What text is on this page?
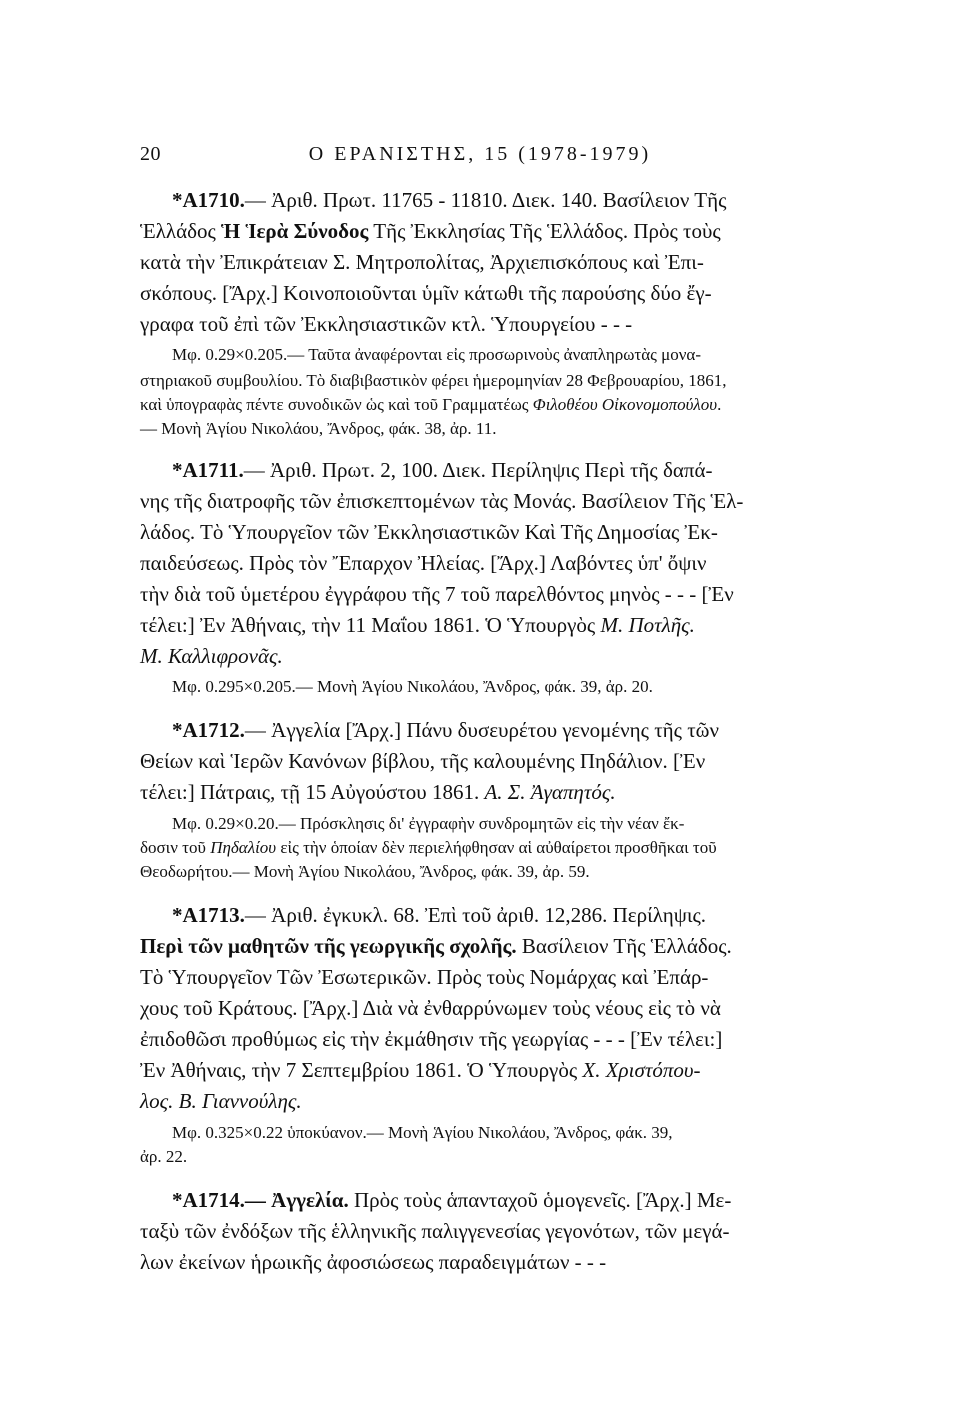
20	Ο ΕΡΑΝΙΣΤΗΣ, 15 (1978-1979)
*Α1710.— Ἀριθ. Πρωτ. 11765 - 11810. Διεκ. 140. Βασίλειον Τῆς
Ἑλλάδος Ἡ Ἱερὰ Σύνοδος Τῆς Ἐκκλησίας Τῆς Ἑλλάδος. Πρὸς τοὺς
κατὰ τὴν Ἐπικράτειαν Σ. Μητροπολίτας, Ἀρχιεπισκόπους καὶ Ἐπι-
σκόπους. [Ἄρχ.] Κοινοποιοῦνται ὑμῖν κάτωθι τῆς παρούσης δύο ἔγ-
γραφα τοῦ ἐπὶ τῶν Ἐκκλησιαστικῶν κτλ. Ὑπουργείου - - -
Μφ. 0.29×0.205.— Ταῦτα ἀναφέρονται εἰς προσωρινοὺς ἀναπληρωτὰς μονα-
στηριακοῦ συμβουλίου. Τὸ διαβιβαστικὸν φέρει ἡμερομηνίαν 28 Φεβρουαρίου, 1861,
καὶ ὑπογραφὰς πέντε συνοδικῶν ὡς καὶ τοῦ Γραμματέως Φιλοθέου Οἰκονομοπούλου.
— Μονὴ Ἁγίου Νικολάου, Ἄνδρος, φάκ. 38, ἀρ. 11.
*Α1711.— Ἀριθ. Πρωτ. 2, 100. Διεκ. Περίληψις Περὶ τῆς δαπά-
νης τῆς διατροφῆς τῶν ἐπισκεπτομένων τὰς Μονάς. Βασίλειον Τῆς Ἑλ-
λάδος. Τὸ Ὑπουργεῖον τῶν Ἐκκλησιαστικῶν Καὶ Τῆς Δημοσίας Ἐκ-
παιδεύσεως. Πρὸς τὸν Ἔπαρχον Ἠλείας. [Ἄρχ.] Λαβόντες ὑπ' ὄψιν
τὴν διὰ τοῦ ὑμετέρου ἐγγράφου τῆς 7 τοῦ παρελθόντος μηνὸς - - - [Ἐν
τέλει:] Ἐν Ἀθήναις, τὴν 11 Μαΐου 1861. Ὁ Ὑπουργὸς Μ. Ποτλῆς.
Μ. Καλλιφρονᾶς.
Μφ. 0.295×0.205.— Μονὴ Ἁγίου Νικολάου, Ἄνδρος, φάκ. 39, ἀρ. 20.
*Α1712.— Ἀγγελία [Ἄρχ.] Πάνυ δυσευρέτου γενομένης τῆς τῶν
Θείων καὶ Ἱερῶν Κανόνων βίβλου, τῆς καλουμένης Πηδάλιον. [Ἐν
τέλει:] Πάτραις, τῇ 15 Αὐγούστου 1861. Α. Σ. Ἀγαπητός.
Μφ. 0.29×0.20.— Πρόσκλησις δι' ἐγγραφὴν συνδρομητῶν εἰς τὴν νέαν ἔκ-
δοσιν τοῦ Πηδαλίου εἰς τὴν ὁποίαν δὲν περιελήφθησαν αἱ αὐθαίρετοι προσθῆκαι τοῦ
Θεοδωρήτου.— Μονὴ Ἁγίου Νικολάου, Ἄνδρος, φάκ. 39, ἀρ. 59.
*Α1713.— Ἀριθ. ἐγκυκλ. 68. Ἐπὶ τοῦ ἀριθ. 12,286. Περίληψις.
Περὶ τῶν μαθητῶν τῆς γεωργικῆς σχολῆς. Βασίλειον Τῆς Ἑλλάδος.
Τὸ Ὑπουργεῖον Τῶν Ἐσωτερικῶν. Πρὸς τοὺς Νομάρχας καὶ Ἐπάρ-
χους τοῦ Κράτους. [Ἄρχ.] Διὰ νὰ ἐνθαρρύνωμεν τοὺς νέους εἰς τὸ νὰ
ἐπιδοθῶσι προθύμως εἰς τὴν ἐκμάθησιν τῆς γεωργίας - - - [Ἐν τέλει:]
Ἐν Ἀθήναις, τὴν 7 Σεπτεμβρίου 1861. Ὁ Ὑπουργὸς Χ. Χριστόπου-
λος. Β. Γιαννούλης.
Μφ. 0.325×0.22 ὑποκύανον.— Μονὴ Ἁγίου Νικολάου, Ἄνδρος, φάκ. 39,
ἀρ. 22.
*Α1714.— Ἀγγελία. Πρὸς τοὺς ἁπανταχοῦ ὁμογενεῖς. [Ἄρχ.] Με-
ταξὺ τῶν ἐνδόξων τῆς ἑλληνικῆς παλιγγενεσίας γεγονότων, τῶν μεγά-
λων ἐκείνων ἡρωικῆς ἀφοσιώσεως παραδειγμάτων - - -
